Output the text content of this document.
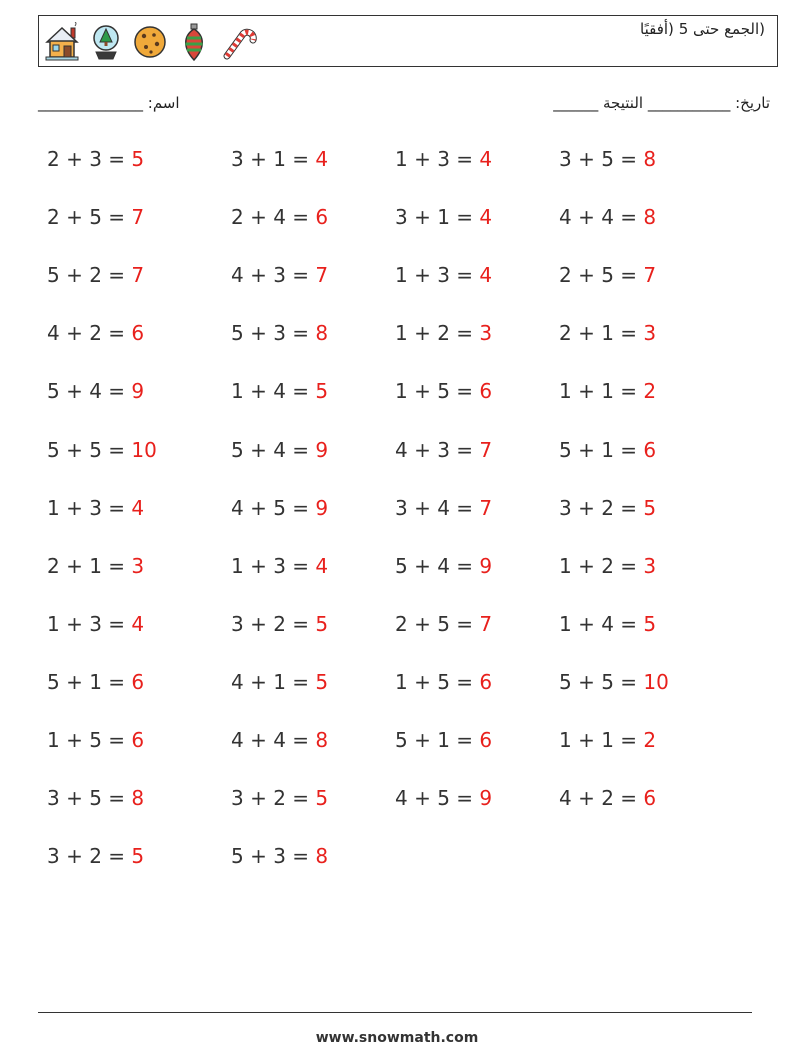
(الجمع حتى 5 (أفقيًا
اسم: ______________	تاريخ: ___________ النتيجة ______
2 + 3 = 5	3 + 1 = 4	1 + 3 = 4	3 + 5 = 8
2 + 5 = 7	2 + 4 = 6	3 + 1 = 4	4 + 4 = 8
5 + 2 = 7	4 + 3 = 7	1 + 3 = 4	2 + 5 = 7
4 + 2 = 6	5 + 3 = 8	1 + 2 = 3	2 + 1 = 3
5 + 4 = 9	1 + 4 = 5	1 + 5 = 6	1 + 1 = 2
5 + 5 = 10	5 + 4 = 9	4 + 3 = 7	5 + 1 = 6
1 + 3 = 4	4 + 5 = 9	3 + 4 = 7	3 + 2 = 5
2 + 1 = 3	1 + 3 = 4	5 + 4 = 9	1 + 2 = 3
1 + 3 = 4	3 + 2 = 5	2 + 5 = 7	1 + 4 = 5
5 + 1 = 6	4 + 1 = 5	1 + 5 = 6	5 + 5 = 10
1 + 5 = 6	4 + 4 = 8	5 + 1 = 6	1 + 1 = 2
3 + 5 = 8	3 + 2 = 5	4 + 5 = 9	4 + 2 = 6
3 + 2 = 5	5 + 3 = 8
www.snowmath.com
